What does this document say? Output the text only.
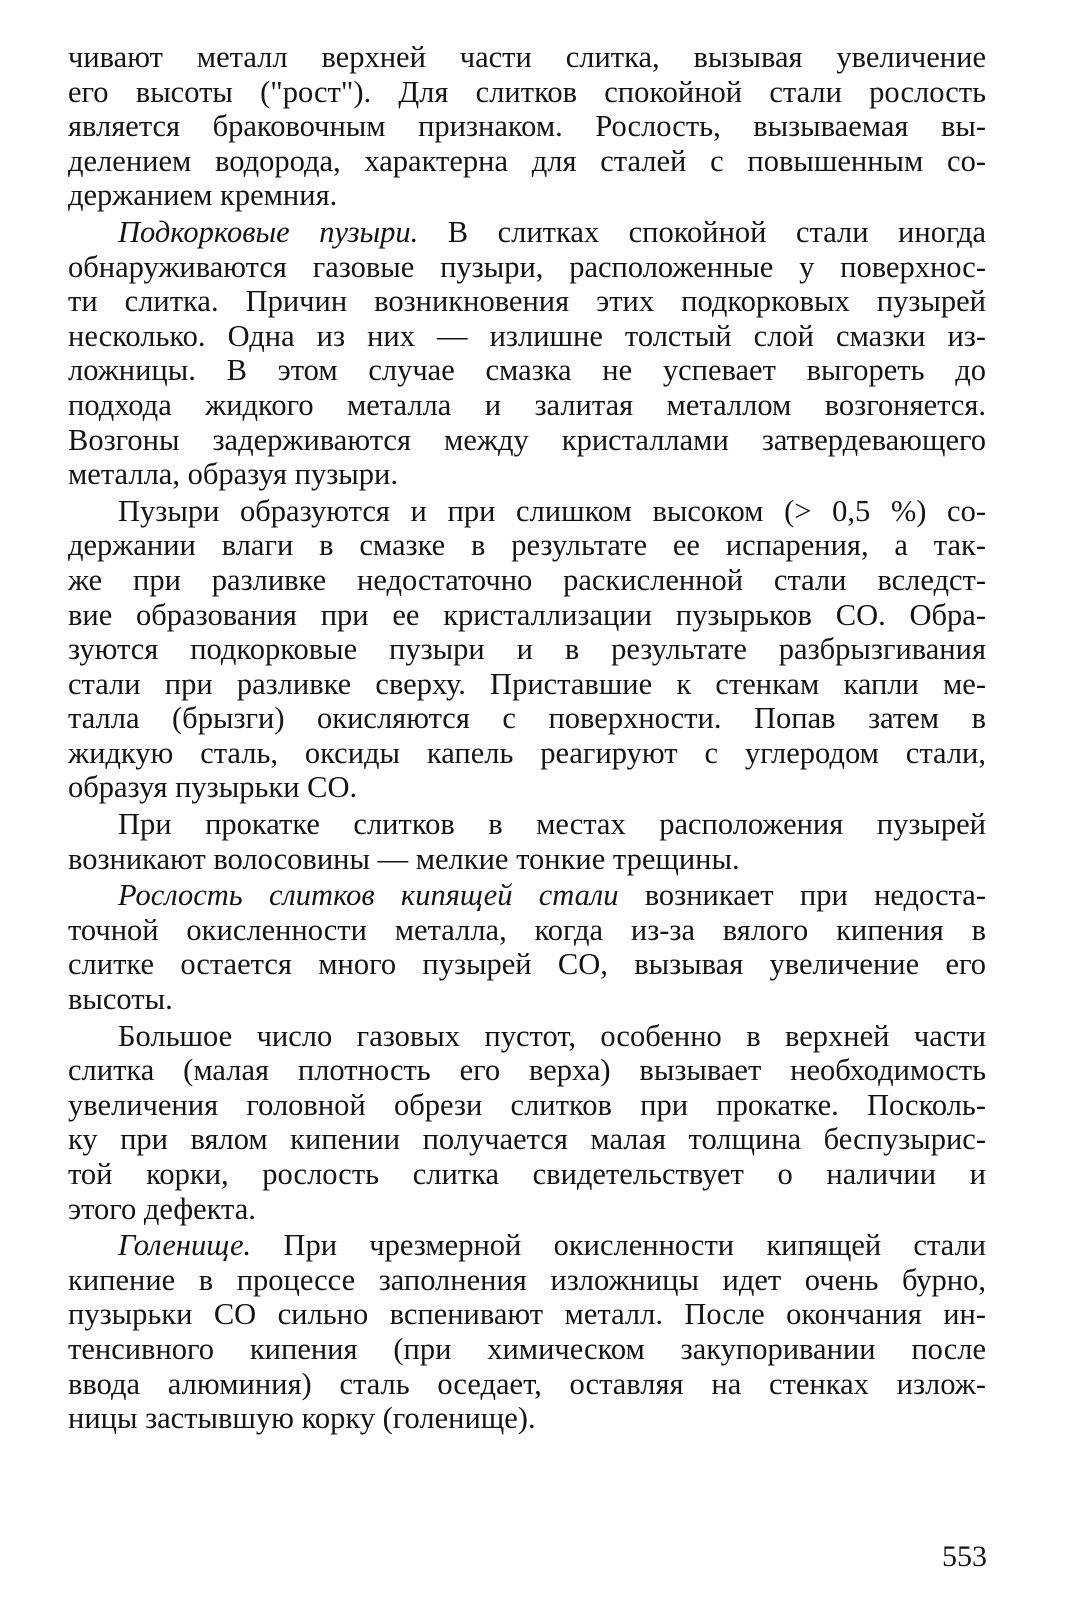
чивают металл верхней части слитка, вызывая увеличение
его высоты ("рост"). Для слитков спокойной стали рослость
является браковочным признаком. Рослость, вызываемая вы-
делением водорода, характерна для сталей с повышенным со-
держанием кремния.

Подкорковые пузыри. В слитках спокойной стали иногда
обнаруживаются газовые пузыри, расположенные у поверхнос-
ти слитка. Причин возникновения этих подкорковых пузырей
несколько. Одна из них — излишне толстый слой смазки из-
ложницы. В этом случае смазка не успевает выгореть до
подхода жидкого металла и залитая металлом возгоняется.
Возгоны задерживаются между кристаллами затвердевающего
металла, образуя пузыри.

Пузыри образуются и при слишком высоком (> 0,5 %) со-
держании влаги в смазке в результате ее испарения, а так-
же при разливке недостаточно раскисленной стали вследст-
вие образования при ее кристаллизации пузырьков СО. Обра-
зуются подкорковые пузыри и в результате разбрызгивания
стали при разливке сверху. Приставшие к стенкам капли ме-
талла (брызги) окисляются с поверхности. Попав затем в
жидкую сталь, оксиды капель реагируют с углеродом стали,
образуя пузырьки СО.

При прокатке слитков в местах расположения пузырей
возникают волосовины — мелкие тонкие трещины.

Рослость слитков кипящей стали возникает при недоста-
точной окисленности металла, когда из-за вялого кипения в
слитке остается много пузырей СО, вызывая увеличение его
высоты.

Большое число газовых пустот, особенно в верхней части
слитка (малая плотность его верха) вызывает необходимость
увеличения головной обрези слитков при прокатке. Посколь-
ку при вялом кипении получается малая толщина беспузырис-
той корки, рослость слитка свидетельствует о наличии и
этого дефекта.

Голенище. При чрезмерной окисленности кипящей стали
кипение в процессе заполнения изложницы идет очень бурно,
пузырьки СО сильно вспенивают металл. После окончания ин-
тенсивного кипения (при химическом закупоривании после
ввода алюминия) сталь оседает, оставляя на стенках излож-
ницы застывшую корку (голенище).

553
